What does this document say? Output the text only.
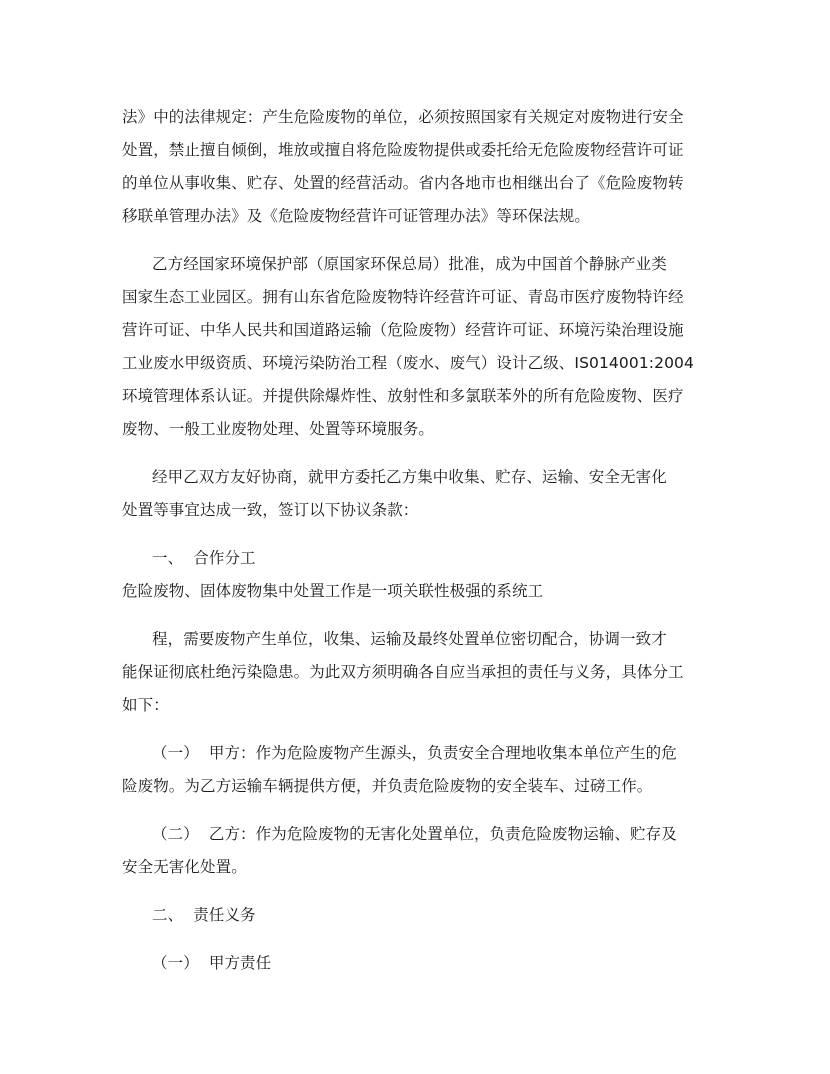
法》中的法律规定：产生危险废物的单位，必须按照国家有关规定对废物进行安全
处置，禁止擅自倾倒，堆放或擅自将危险废物提供或委托给无危险废物经营许可证
的单位从事收集、贮存、处置的经营活动。省内各地市也相继出台了《危险废物转
移联单管理办法》及《危险废物经营许可证管理办法》等环保法规。
乙方经国家环境保护部（原国家环保总局）批准，成为中国首个静脉产业类
国家生态工业园区。拥有山东省危险废物特许经营许可证、青岛市医疗废物特许经
营许可证、中华人民共和国道路运输（危险废物）经营许可证、环境污染治理设施
工业废水甲级资质、环境污染防治工程（废水、废气）设计乙级、IS014001:2004
环境管理体系认证。并提供除爆炸性、放射性和多氯联苯外的所有危险废物、医疗
废物、一般工业废物处理、处置等环境服务。
经甲乙双方友好协商，就甲方委托乙方集中收集、贮存、运输、安全无害化
处置等事宜达成一致，签订以下协议条款：
一、  合作分工
危险废物、固体废物集中处置工作是一项关联性极强的系统工
程，需要废物产生单位，收集、运输及最终处置单位密切配合，协调一致才
能保证彻底杜绝污染隐患。为此双方须明确各自应当承担的责任与义务，具体分工
如下：
（一）  甲方：作为危险废物产生源头，负责安全合理地收集本单位产生的危
险废物。为乙方运输车辆提供方便，并负责危险废物的安全装车、过磅工作。
（二）  乙方：作为危险废物的无害化处置单位，负责危险废物运输、贮存及
安全无害化处置。
二、  责任义务
（一）  甲方责任
